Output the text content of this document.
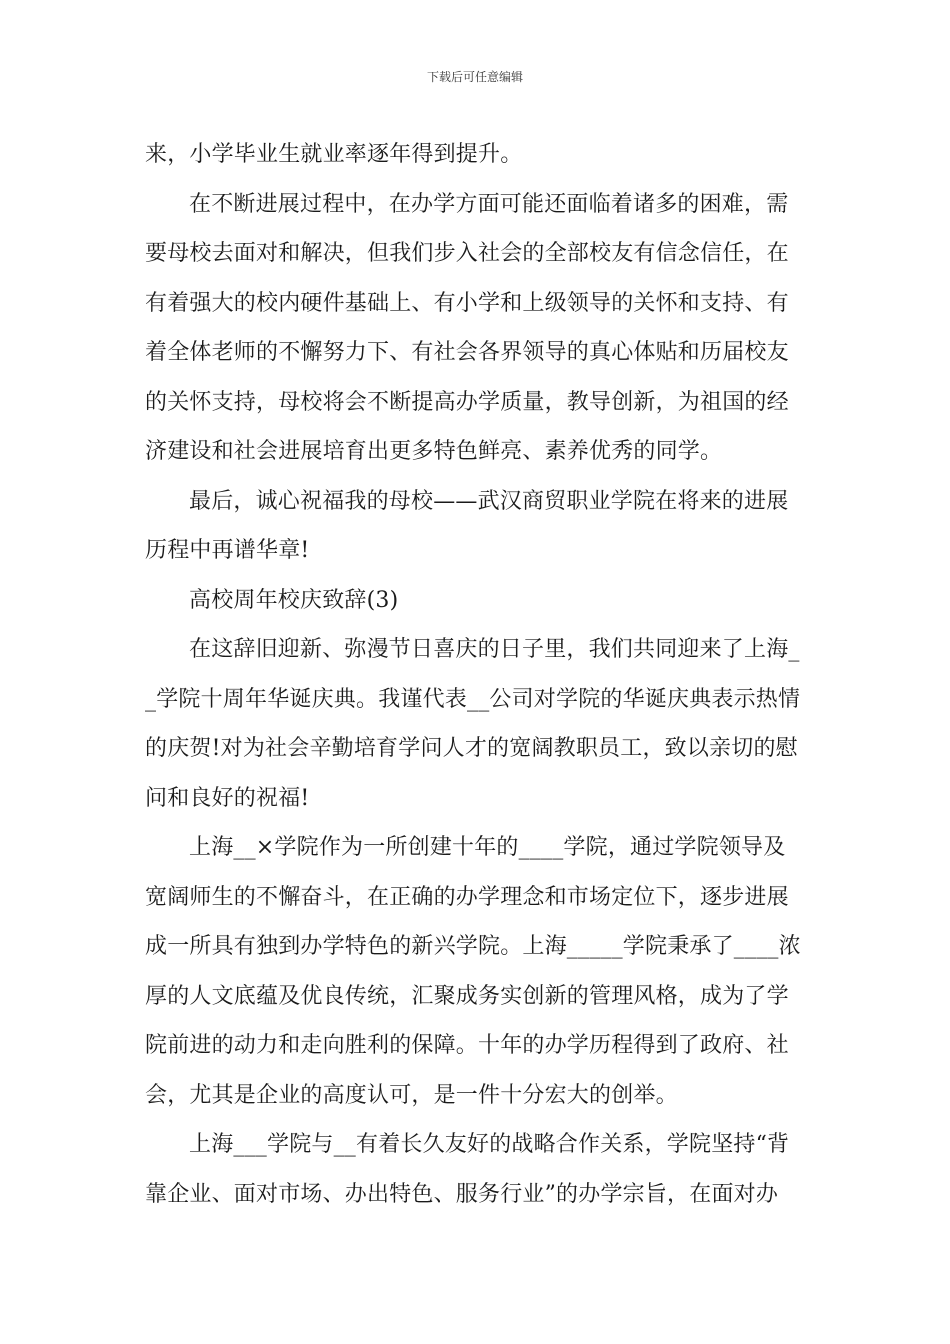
下载后可任意编辑

来，小学毕业生就业率逐年得到提升。

在不断进展过程中，在办学方面可能还面临着诸多的困难，需
要母校去面对和解决，但我们步入社会的全部校友有信念信任，在
有着强大的校内硬件基础上、有小学和上级领导的关怀和支持、有
着全体老师的不懈努力下、有社会各界领导的真心体贴和历届校友
的关怀支持，母校将会不断提高办学质量，教导创新，为祖国的经
济建设和社会进展培育出更多特色鲜亮、素养优秀的同学。

最后，诚心祝福我的母校——武汉商贸职业学院在将来的进展
历程中再谱华章!

高校周年校庆致辞(3)

在这辞旧迎新、弥漫节日喜庆的日子里，我们共同迎来了上海_
_学院十周年华诞庆典。我谨代表__公司对学院的华诞庆典表示热情
的庆贺!对为社会辛勤培育学问人才的宽阔教职员工，致以亲切的慰
问和良好的祝福!

上海__×学院作为一所创建十年的____学院，通过学院领导及
宽阔师生的不懈奋斗，在正确的办学理念和市场定位下，逐步进展
成一所具有独到办学特色的新兴学院。上海_____学院秉承了____浓
厚的人文底蕴及优良传统，汇聚成务实创新的管理风格，成为了学
院前进的动力和走向胜利的保障。十年的办学历程得到了政府、社
会，尤其是企业的高度认可，是一件十分宏大的创举。

上海___学院与__有着长久友好的战略合作关系，学院坚持“背
靠企业、面对市场、办出特色、服务行业”的办学宗旨，在面对办
